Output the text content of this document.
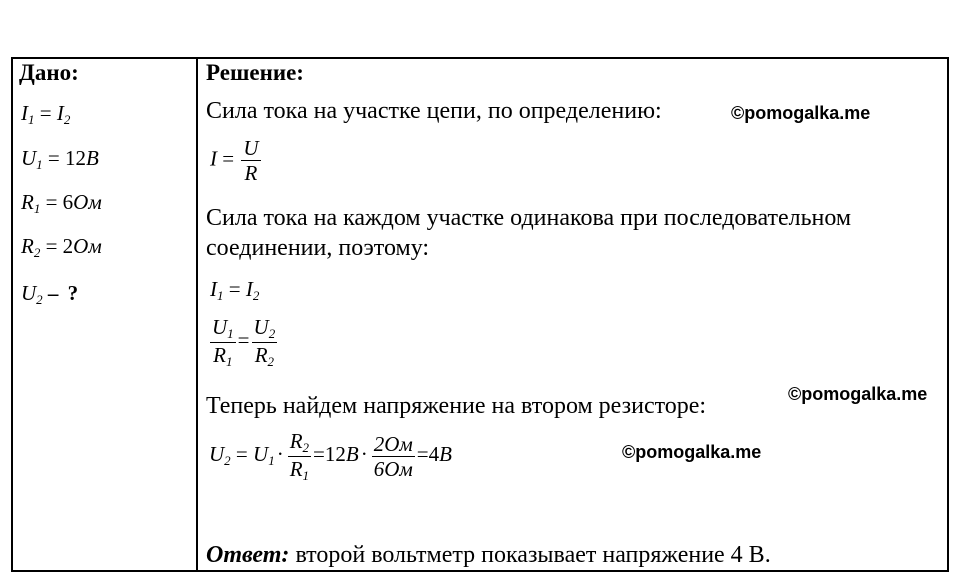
Дано:
$I_1 = I_2$
$U_1 = 12B$
$R_1 = 6Ом$
$R_2 = 2Ом$
$U_2$ – ?
Решение:
Сила тока на участке цепи, по определению:	©pomogalka.me
$I = \frac{U}{R}$
Сила тока на каждом участке одинакова при последовательном
соединении, поэтому:
$I_1 = I_2$
$\frac{U_1}{R_1} = \frac{U_2}{R_2}$
Теперь найдем напряжение на втором резисторе:	©pomogalka.me
$U_2 = U_1\cdot \frac{R_2}{R_1} =12B\cdot \frac{2Ом}{6Ом} =4B$	©pomogalka.me
Ответ: второй вольтметр показывает напряжение 4 В.
